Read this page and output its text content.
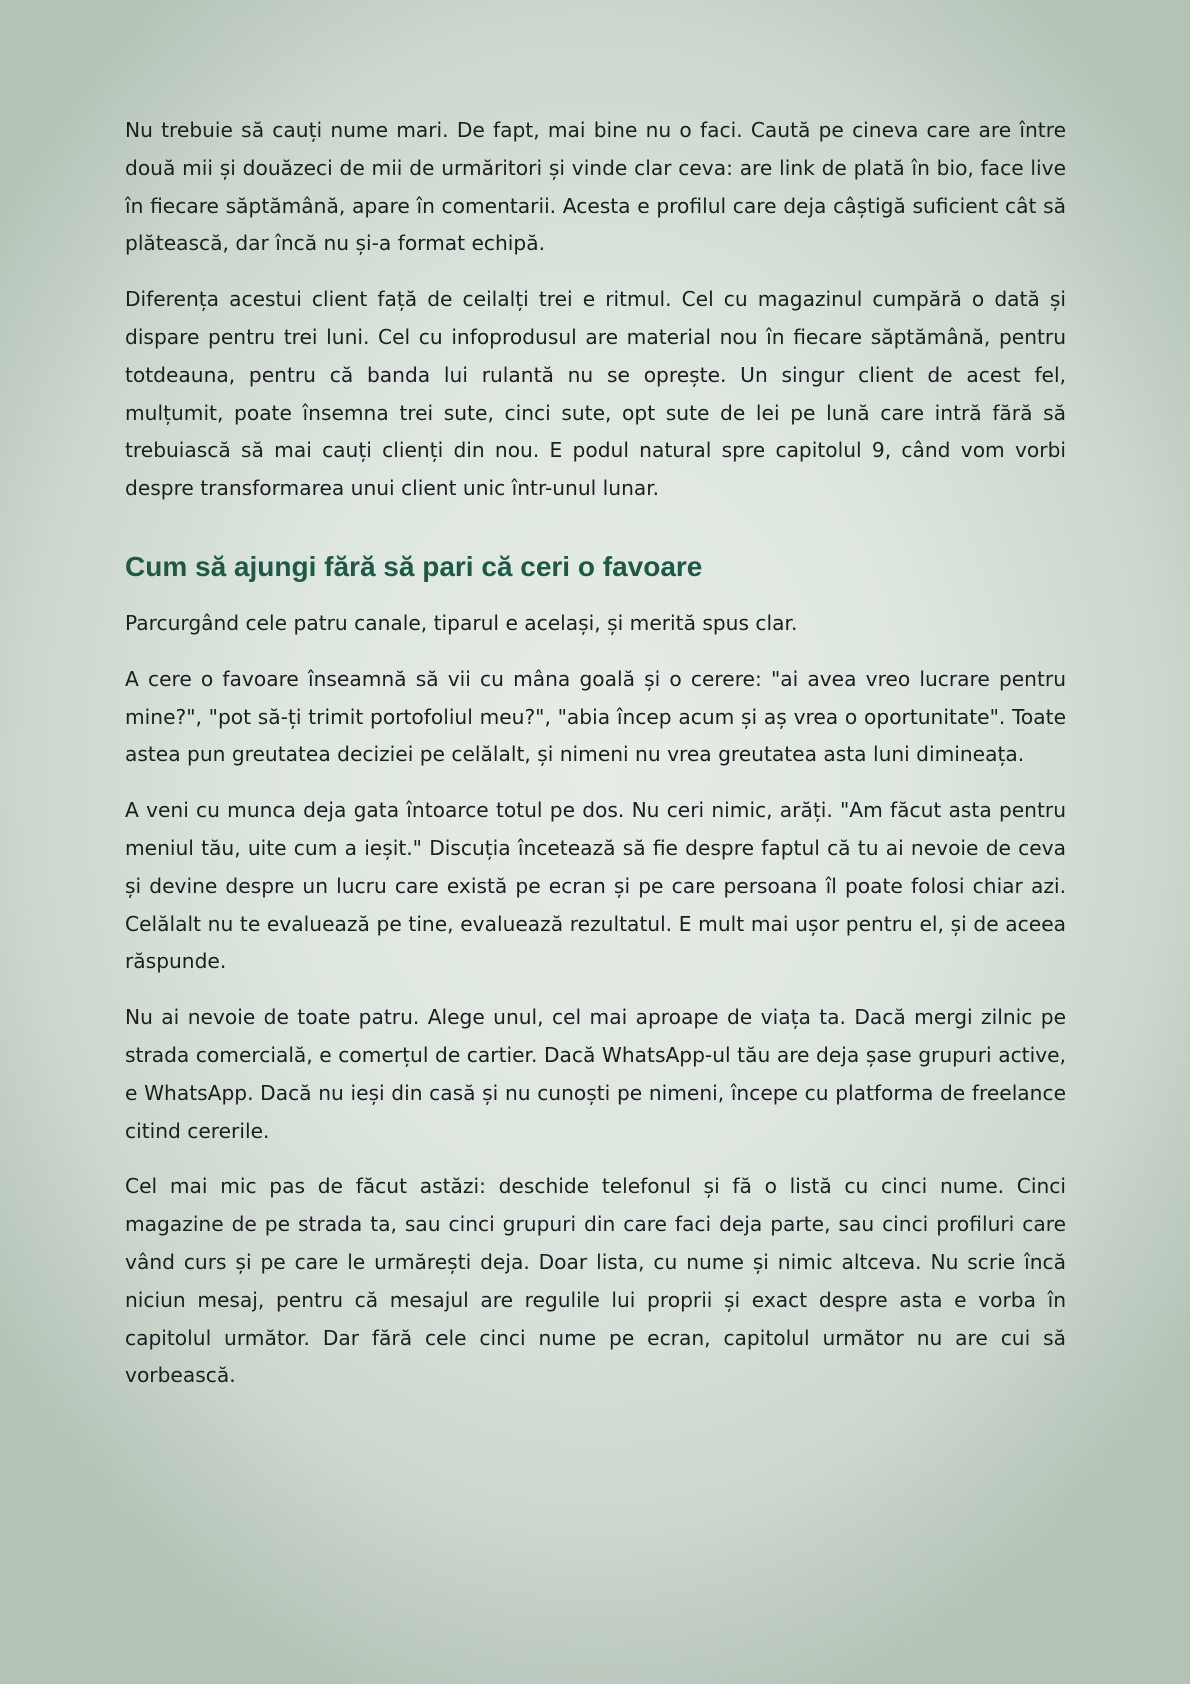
Nu trebuie să cauți nume mari. De fapt, mai bine nu o faci. Caută pe cineva care are între două mii și douăzeci de mii de urmăritori și vinde clar ceva: are link de plată în bio, face live în fiecare săptămână, apare în comentarii. Acesta e profilul care deja câștigă suficient cât să plătească, dar încă nu și-a format echipă.

Diferența acestui client față de ceilalți trei e ritmul. Cel cu magazinul cumpără o dată și dispare pentru trei luni. Cel cu infoprodusul are material nou în fiecare săptămână, pentru totdeauna, pentru că banda lui rulantă nu se oprește. Un singur client de acest fel, mulțumit, poate însemna trei sute, cinci sute, opt sute de lei pe lună care intră fără să trebuiască să mai cauți clienți din nou. E podul natural spre capitolul 9, când vom vorbi despre transformarea unui client unic într-unul lunar.

Cum să ajungi fără să pari că ceri o favoare

Parcurgând cele patru canale, tiparul e același, și merită spus clar.

A cere o favoare înseamnă să vii cu mâna goală și o cerere: "ai avea vreo lucrare pentru mine?", "pot să-ți trimit portofoliul meu?", "abia încep acum și aș vrea o oportunitate". Toate astea pun greutatea deciziei pe celălalt, și nimeni nu vrea greutatea asta luni dimineața.

A veni cu munca deja gata întoarce totul pe dos. Nu ceri nimic, arăți. "Am făcut asta pentru meniul tău, uite cum a ieșit." Discuția încetează să fie despre faptul că tu ai nevoie de ceva și devine despre un lucru care există pe ecran și pe care persoana îl poate folosi chiar azi. Celălalt nu te evaluează pe tine, evaluează rezultatul. E mult mai ușor pentru el, și de aceea răspunde.

Nu ai nevoie de toate patru. Alege unul, cel mai aproape de viața ta. Dacă mergi zilnic pe strada comercială, e comerțul de cartier. Dacă WhatsApp-ul tău are deja șase grupuri active, e WhatsApp. Dacă nu ieși din casă și nu cunoști pe nimeni, începe cu platforma de freelance citind cererile.

Cel mai mic pas de făcut astăzi: deschide telefonul și fă o listă cu cinci nume. Cinci magazine de pe strada ta, sau cinci grupuri din care faci deja parte, sau cinci profiluri care vând curs și pe care le urmărești deja. Doar lista, cu nume și nimic altceva. Nu scrie încă niciun mesaj, pentru că mesajul are regulile lui proprii și exact despre asta e vorba în capitolul următor. Dar fără cele cinci nume pe ecran, capitolul următor nu are cui să vorbească.
